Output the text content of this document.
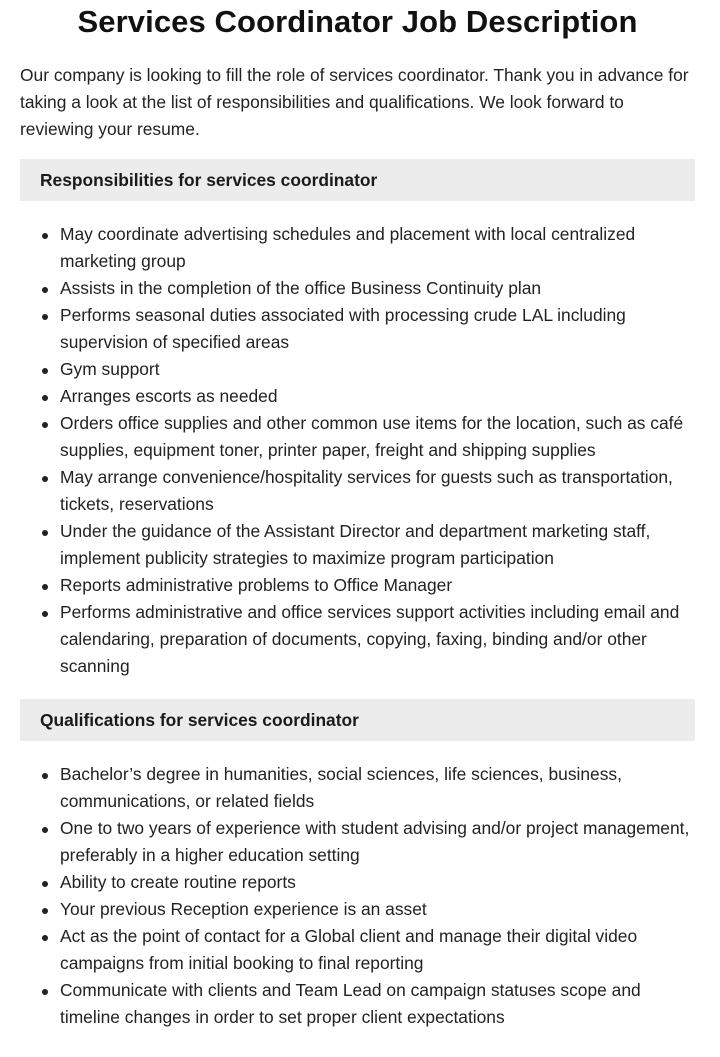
Services Coordinator Job Description

Our company is looking to fill the role of services coordinator. Thank you in advance for taking a look at the list of responsibilities and qualifications. We look forward to reviewing your resume.

Responsibilities for services coordinator
May coordinate advertising schedules and placement with local centralized marketing group
Assists in the completion of the office Business Continuity plan
Performs seasonal duties associated with processing crude LAL including supervision of specified areas
Gym support
Arranges escorts as needed
Orders office supplies and other common use items for the location, such as café supplies, equipment toner, printer paper, freight and shipping supplies
May arrange convenience/hospitality services for guests such as transportation, tickets, reservations
Under the guidance of the Assistant Director and department marketing staff, implement publicity strategies to maximize program participation
Reports administrative problems to Office Manager
Performs administrative and office services support activities including email and calendaring, preparation of documents, copying, faxing, binding and/or other scanning
Qualifications for services coordinator
Bachelor’s degree in humanities, social sciences, life sciences, business, communications, or related fields
One to two years of experience with student advising and/or project management, preferably in a higher education setting
Ability to create routine reports
Your previous Reception experience is an asset
Act as the point of contact for a Global client and manage their digital video campaigns from initial booking to final reporting
Communicate with clients and Team Lead on campaign statuses scope and timeline changes in order to set proper client expectations
